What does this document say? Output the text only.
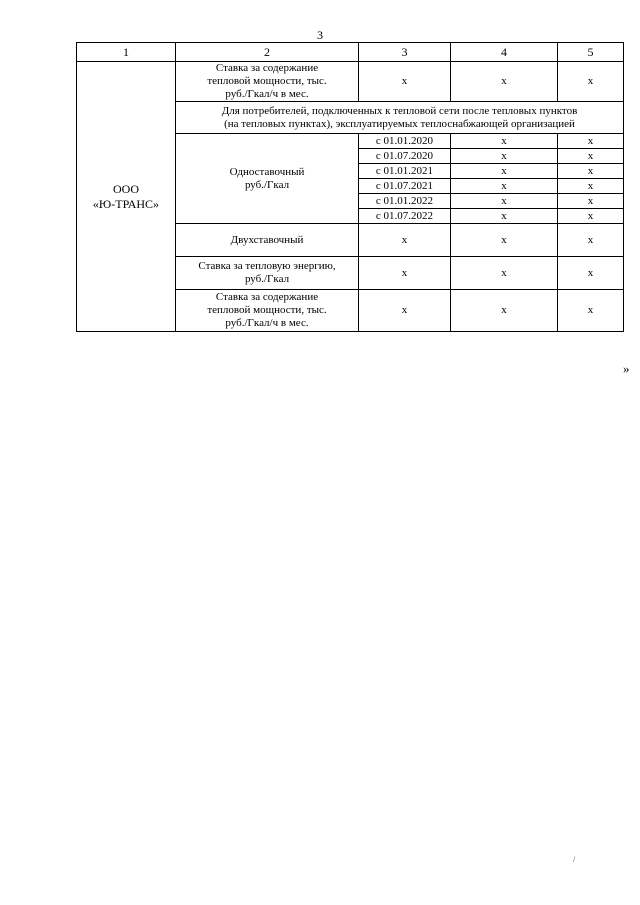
3
1	2	3	4	5
ООО
«Ю-ТРАНС»	Ставка за содержание
тепловой мощности, тыс.
руб./Гкал/ч в мес.	x	x	x
	Для потребителей, подключенных к тепловой сети после тепловых пунктов
(на тепловых пунктах), эксплуатируемых теплоснабжающей организацией			
	Одноставочный
руб./Гкал	с 01.01.2020	x	x
		с 01.07.2020	x	x
		с 01.01.2021	x	x
		с 01.07.2021	x	x
		с 01.01.2022	x	x
		с 01.07.2022	x	x
	Двухставочный	x	x	x
	Ставка за тепловую энергию,
руб./Гкал	x	x	x
	Ставка за содержание
тепловой мощности, тыс.
руб./Гкал/ч в мес.	x	x	x
»
/
